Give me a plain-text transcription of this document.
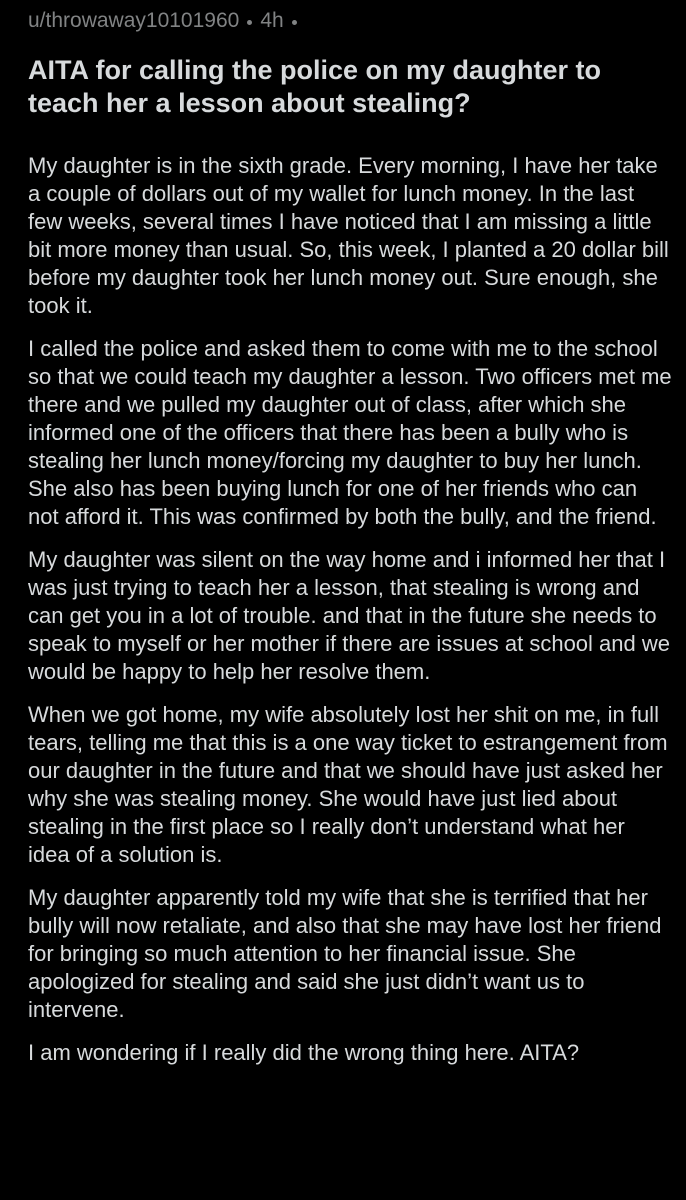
u/throwaway10101960 4h
AITA for calling the police on my daughter to teach her a lesson about stealing?

My daughter is in the sixth grade. Every morning, I have her take a couple of dollars out of my wallet for lunch money. In the last few weeks, several times I have noticed that I am missing a little bit more money than usual. So, this week, I planted a 20 dollar bill before my daughter took her lunch money out. Sure enough, she took it.

I called the police and asked them to come with me to the school so that we could teach my daughter a lesson. Two officers met me there and we pulled my daughter out of class, after which she informed one of the officers that there has been a bully who is stealing her lunch money/forcing my daughter to buy her lunch. She also has been buying lunch for one of her friends who can not afford it. This was confirmed by both the bully, and the friend.

My daughter was silent on the way home and i informed her that I was just trying to teach her a lesson, that stealing is wrong and can get you in a lot of trouble. and that in the future she needs to speak to myself or her mother if there are issues at school and we would be happy to help her resolve them.

When we got home, my wife absolutely lost her shit on me, in full tears, telling me that this is a one way ticket to estrangement from our daughter in the future and that we should have just asked her why she was stealing money. She would have just lied about stealing in the first place so I really don’t understand what her idea of a solution is.

My daughter apparently told my wife that she is terrified that her bully will now retaliate, and also that she may have lost her friend for bringing so much attention to her financial issue. She apologized for stealing and said she just didn’t want us to intervene.

I am wondering if I really did the wrong thing here. AITA?
